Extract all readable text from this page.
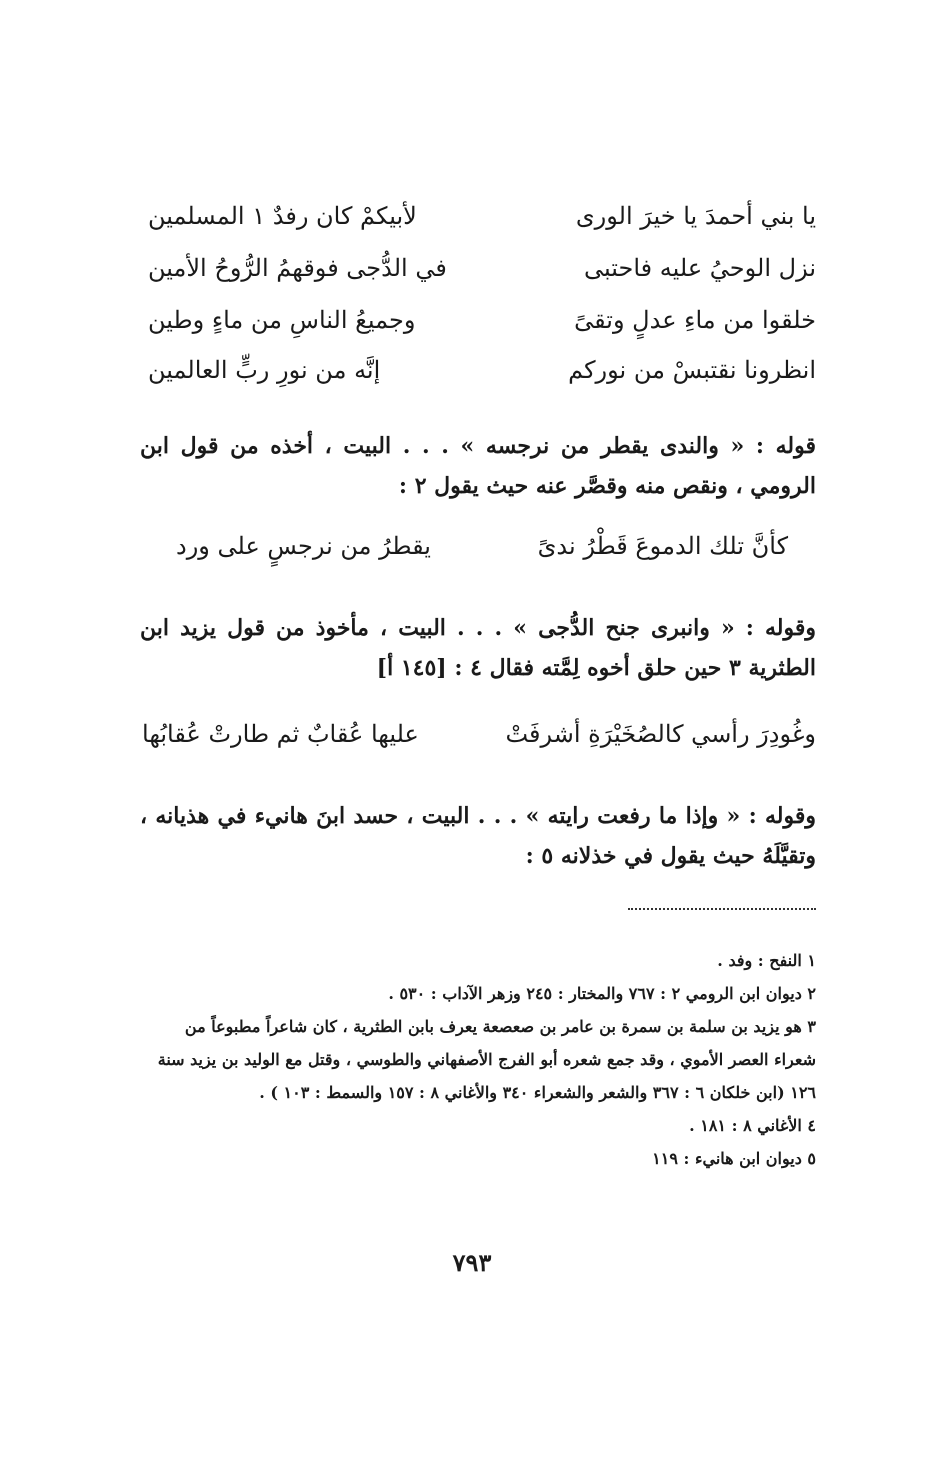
يا بني أحمدَ يا خيرَ الورى
لأبيكمْ كان رفدٌ ١ المسلمين
نزل الوحيُ عليه فاحتبى
في الدُّجى فوقهمُ الرُّوحُ الأمين
خلقوا من ماءِ عدلٍ وتقىً
وجميعُ الناسِ من ماءٍ وطين
انظرونا نقتبسْ من نوركم
إنَّه من نورِ ربٍّ العالمين

قوله : « والندى يقطر من نرجسه » . . . البيت ، أخذه من قول ابن الرومي ، ونقص منه وقصَّر عنه حيث يقول ٢ :

كأنَّ تلك الدموعَ قَطْرُ ندىً
يقطرُ من نرجسٍ على ورد

وقوله : « وانبرى جنح الدُّجى » . . . البيت ، مأخوذ من قول يزيد ابن الطثرية ٣ حين حلق أخوه لِمَّته فقال ٤ : [١٤٥ أ]

وغُودِرَ رأسي كالصُخَيْرَةِ أشرفَتْ
عليها عُقابٌ ثم طارتْ عُقابُها

وقوله : « وإذا ما رفعت رايته » . . . البيت ، حسد ابنَ هانيء في هذيانه ، وتقيَّلَهُ حيث يقول في خذلانه ٥ :

١ النفح : وفد .

٢ ديوان ابن الرومي ٢ : ٧٦٧ والمختار : ٢٤٥ وزهر الآداب : ٥٣٠ .

٣ هو يزيد بن سلمة بن سمرة بن عامر بن صعصعة يعرف بابن الطثرية ، كان شاعراً مطبوعاً من شعراء العصر الأموي ، وقد جمع شعره أبو الفرج الأصفهاني والطوسي ، وقتل مع الوليد بن يزيد سنة ١٢٦ (ابن خلكان ٦ : ٣٦٧ والشعر والشعراء ٣٤٠ والأغاني ٨ : ١٥٧ والسمط : ١٠٣ ) .

٤ الأغاني ٨ : ١٨١ .

٥ ديوان ابن هانيء : ١١٩

٧٩٣
